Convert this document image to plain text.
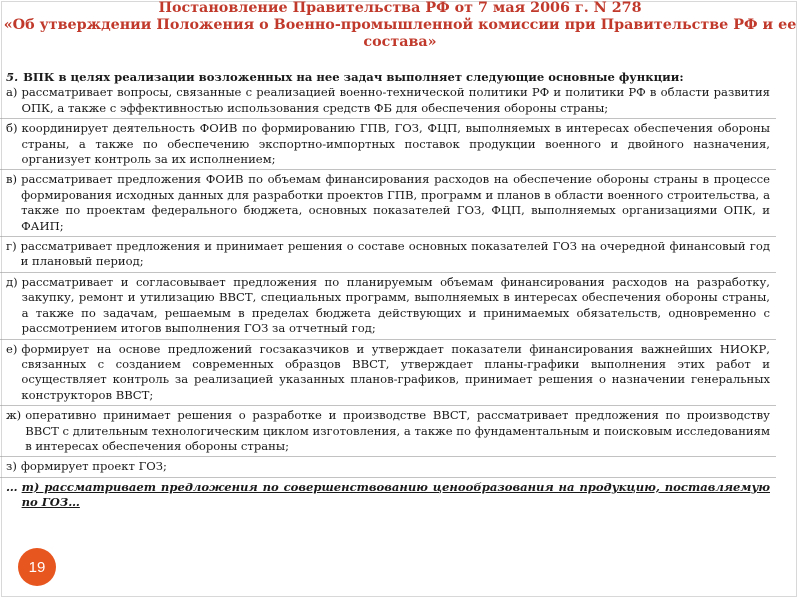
Постановление Правительства РФ от 7 мая 2006 г. N 278
«Об утверждении Положения о Военно-промышленной комиссии при Правительстве РФ и ее
состава»
5. ВПК в целях реализации возложенных на нее задач выполняет следующие основные функции:
а) рассматривает вопросы, связанные с реализацией военно-технической политики РФ и политики РФ в области развития ОПК, а также с эффективностью использования средств ФБ для обеспечения обороны страны;
б) координирует деятельность ФОИВ по формированию ГПВ, ГОЗ, ФЦП, выполняемых в интересах обеспечения обороны страны, а также по обеспечению экспортно-импортных поставок продукции военного и двойного назначения, организует контроль за их исполнением;
в) рассматривает предложения ФОИВ по объемам финансирования расходов на обеспечение обороны страны в процессе формирования исходных данных для разработки проектов ГПВ, программ и планов в области военного строительства, а также по проектам федерального бюджета, основных показателей ГОЗ, ФЦП, выполняемых организациями ОПК, и ФАИП;
г) рассматривает предложения и принимает решения о составе основных показателей ГОЗ на очередной финансовый год и плановый период;
д) рассматривает и согласовывает предложения по планируемым объемам финансирования расходов на разработку, закупку, ремонт и утилизацию ВВСТ, специальных программ, выполняемых в интересах обеспечения обороны страны, а также по задачам, решаемым в пределах бюджета действующих и принимаемых обязательств, одновременно с рассмотрением итогов выполнения ГОЗ за отчетный год;
е) формирует на основе предложений госзаказчиков и утверждает показатели финансирования важнейших НИОКР, связанных с созданием современных образцов ВВСТ, утверждает планы-графики выполнения этих работ и осуществляет контроль за реализацией указанных планов-графиков, принимает решения о назначении генеральных конструкторов ВВСТ;
ж) оперативно принимает решения о разработке и производстве ВВСТ, рассматривает предложения по производству ВВСТ с длительным технологическим циклом изготовления, а также по фундаментальным и поисковым исследованиям в интересах обеспечения обороны страны;
з) формирует проект ГОЗ;
… т) рассматривает предложения по совершенствованию ценообразования на продукцию, поставляемую по ГОЗ…
19
